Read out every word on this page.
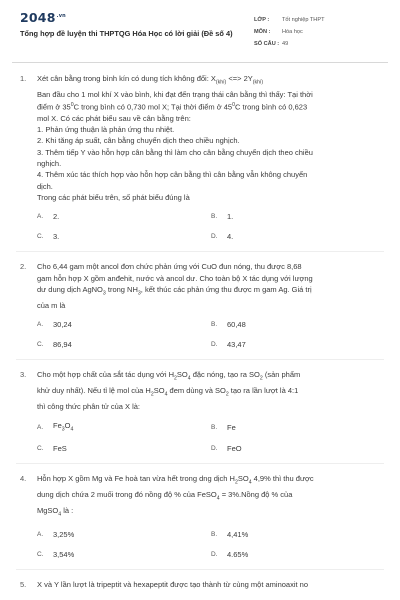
$2048^{.vn}$
Tổng hợp đề luyện thi THPTQG Hóa Học có lời giải (Đề số 4)
LỚP :	Tốt nghiệp THPT
MÔN :	Hóa học
SỐ CÂU : 49
1.	Xét cân bằng trong bình kín có dung tích không đổi: $X_{(khí)}$ <=> $2Y_{(khí)}$
Ban đầu cho 1 mol khí X vào bình, khi đạt đến trạng thái cân bằng thì thấy: Tại thời
điểm ở $35^0C$ trong bình có 0,730 mol X; Tại thời điểm ở $45^0C$ trong bình có 0,623
mol X. Có các phát biểu sau về cân bằng trên:
1. Phản ứng thuận là phản ứng thu nhiệt.
2. Khi tăng áp suất, cân bằng chuyển dịch theo chiều nghịch.
3. Thêm tiếp Y vào hỗn hợp cân bằng thì làm cho cân bằng chuyển dịch theo chiều
nghịch.
4. Thêm xúc tác thích hợp vào hỗn hợp cân bằng thì cân bằng vẫn không chuyển
dịch.
Trong các phát biểu trên, số phát biểu đúng là
A.	2.	B.	1.
C.	3.	D.	4.
2.	Cho 6,44 gam một ancol đơn chức phản ứng với CuO đun nóng, thu được 8,68
gam hỗn hợp X gồm anđehit, nước và ancol dư. Cho toàn bộ X tác dụng với lượng
dư dung dịch AgNO$_3$ trong $NH_3$, kết thúc các phản ứng thu được m gam Ag. Giá trị
của m là
A.	30,24	B.	60,48
C.	86,94	D.	43,47
3.	Cho một hợp chất của sắt tác dụng với $H_2SO_4$ đặc nóng, tạo ra $SO_2$ (sản phẩm
khử duy nhất). Nếu tỉ lệ mol của $H_2SO_4$ đem dùng và $SO_2$ tạo ra lần lượt là 4:1
thì công thức phân tử của X là:
A.	$Fe_3O_4$	B.	Fe
C.	FeS	D.	FeO
4.	Hỗn hợp X gồm Mg và Fe hoà tan vừa hết trong dng dịch $H_2SO_4$ 4,9% thì thu được
dung dịch chứa 2 muối trong đó nồng độ % của FeSO$_4$ = 3%.Nồng độ % của
MgSO$_4$ là :
A.	3,25%	B.	4,41%
C.	3,54%	D.	4.65%
5.	X và Y lần lượt là tripeptit và hexapeptit được tạo thành từ cùng một aminoaxit no
